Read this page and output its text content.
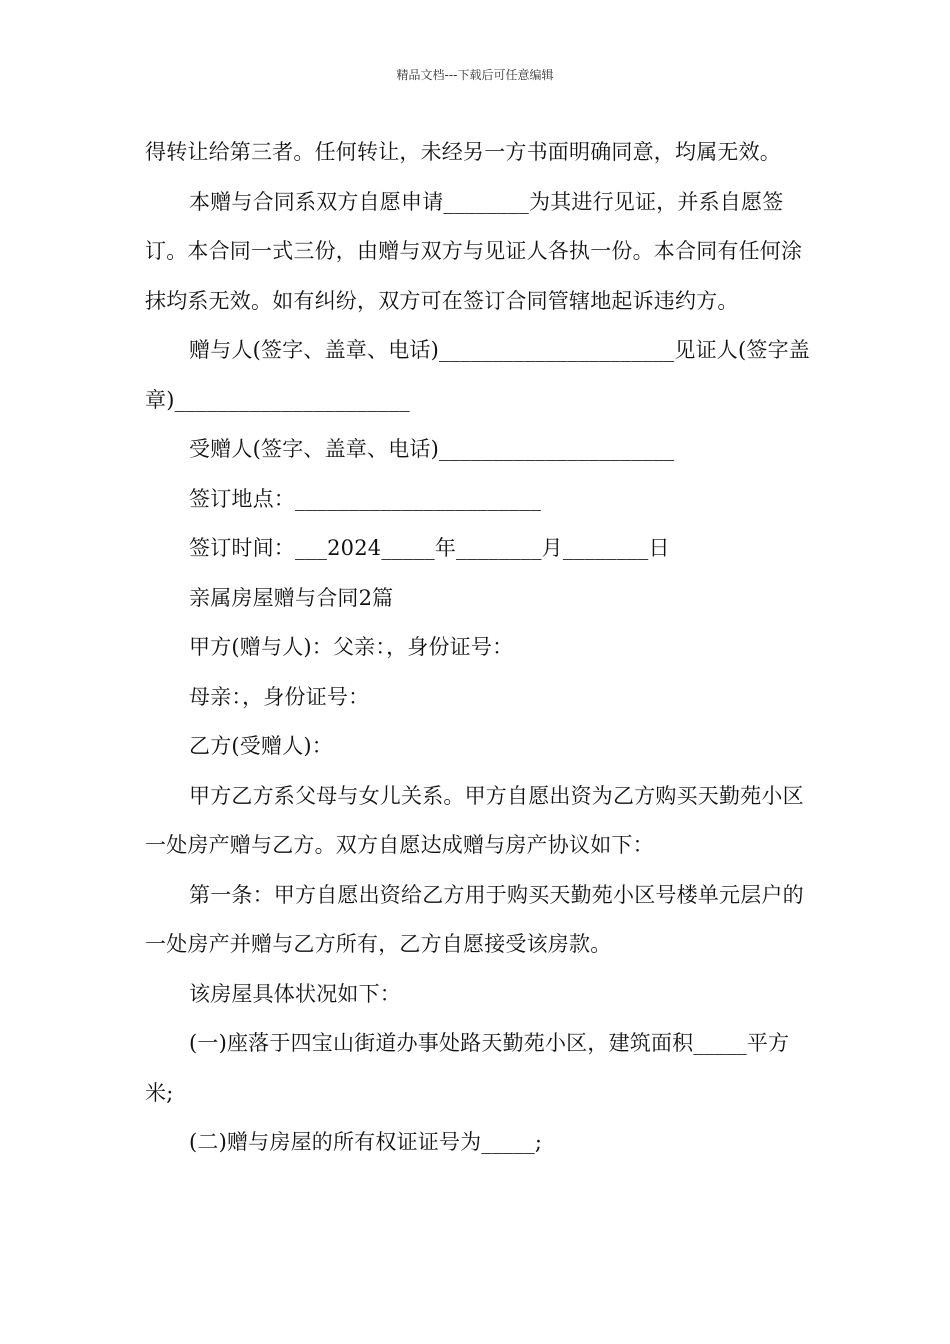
精品文档---下载后可任意编辑

得转让给第三者。任何转让，未经另一方书面明确同意，均属无效。

本赠与合同系双方自愿申请________为其进行见证，并系自愿签订。本合同一式三份，由赠与双方与见证人各执一份。本合同有任何涂抹均系无效。如有纠纷，双方可在签订合同管辖地起诉违约方。

赠与人(签字、盖章、电话)______________________见证人(签字盖章)______________________

受赠人(签字、盖章、电话)______________________

签订地点：_______________________

签订时间：___2024_____年________月________日

亲属房屋赠与合同2篇

甲方(赠与人)：父亲：，身份证号：

母亲：，身份证号：

乙方(受赠人)：

甲方乙方系父母与女儿关系。甲方自愿出资为乙方购买天勤苑小区一处房产赠与乙方。双方自愿达成赠与房产协议如下：

第一条：甲方自愿出资给乙方用于购买天勤苑小区号楼单元层户的一处房产并赠与乙方所有，乙方自愿接受该房款。

该房屋具体状况如下：

(一)座落于四宝山街道办事处路天勤苑小区，建筑面积_____平方米;

(二)赠与房屋的所有权证证号为_____;
